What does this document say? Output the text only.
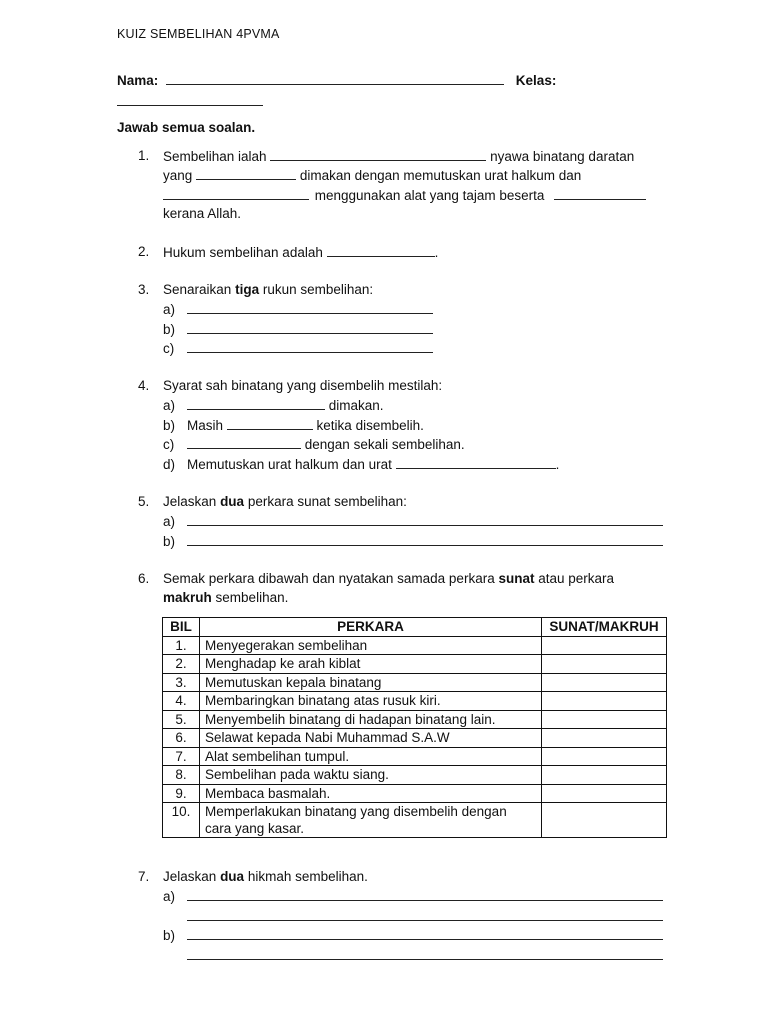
KUIZ SEMBELIHAN 4PVMA
Nama:	Kelas:
Jawab semua soalan.
1. Sembelihan ialah	nyawa binatang daratan
yang	dimakan dengan memutuskan urat halkum dan
menggunakan alat yang tajam beserta
kerana Allah.
2. Hukum sembelihan adalah	.
3. Senaraikan tiga rukun sembelihan:
a)
b)
c)
4. Syarat sah binatang yang disembelih mestilah:
a)	dimakan.
b) Masih	ketika disembelih.
c)	dengan sekali sembelihan.
d) Memutuskan urat halkum dan urat	.
5. Jelaskan dua perkara sunat sembelihan:
a)
b)
6. Semak perkara dibawah dan nyatakan samada perkara sunat atau perkara
makruh sembelihan.
BIL	PERKARA	SUNAT/MAKRUH
1.	Menyegerakan sembelihan	
2.	Menghadap ke arah kiblat	
3.	Memutuskan kepala binatang	
4.	Membaringkan binatang atas rusuk kiri.	
5.	Menyembelih binatang di hadapan binatang lain.	
6.	Selawat kepada Nabi Muhammad S.A.W	
7.	Alat sembelihan tumpul.	
8.	Sembelihan pada waktu siang.	
9.	Membaca basmalah.	
10.	Memperlakukan binatang yang disembelih dengan
cara yang kasar.	

7. Jelaskan dua hikmah sembelihan.
a)
b)
